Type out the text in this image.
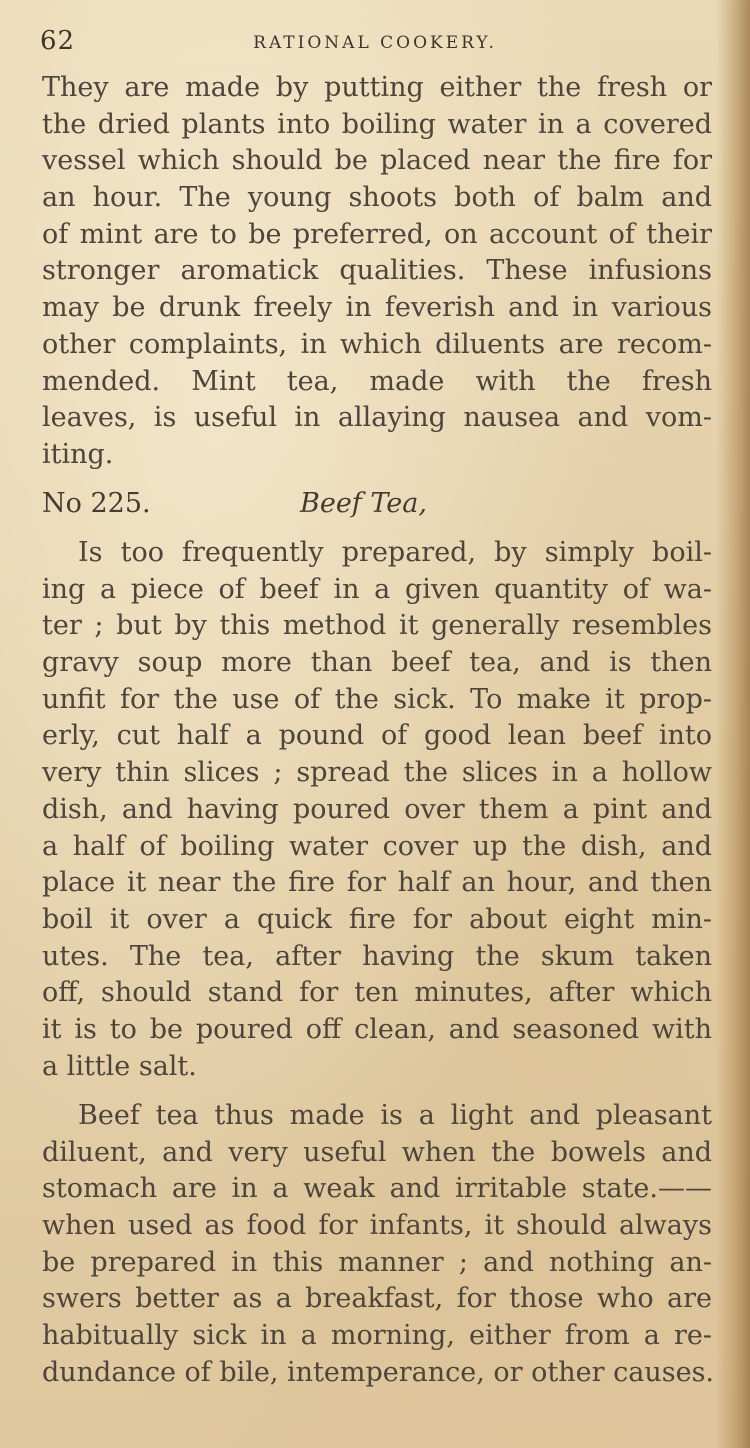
62	RATIONAL COOKERY.
They are made by putting either the fresh or
the dried plants into boiling water in a covered
vessel which should be placed near the fire for
an hour. The young shoots both of balm and
of mint are to be preferred, on account of their
stronger aromatick qualities. These infusions
may be drunk freely in feverish and in various
other complaints, in which diluents are recom-
mended. Mint tea, made with the fresh
leaves, is useful in allaying nausea and vom-
iting.
No 225.	Beef Tea,
Is too frequently prepared, by simply boil-
ing a piece of beef in a given quantity of wa-
ter ; but by this method it generally resembles
gravy soup more than beef tea, and is then
unfit for the use of the sick. To make it prop-
erly, cut half a pound of good lean beef into
very thin slices ; spread the slices in a hollow
dish, and having poured over them a pint and
a half of boiling water cover up the dish, and
place it near the fire for half an hour, and then
boil it over a quick fire for about eight min-
utes. The tea, after having the skum taken
off, should stand for ten minutes, after which
it is to be poured off clean, and seasoned with
a little salt.
Beef tea thus made is a light and pleasant
diluent, and very useful when the bowels and
stomach are in a weak and irritable state.——
when used as food for infants, it should always
be prepared in this manner ; and nothing an-
swers better as a breakfast, for those who are
habitually sick in a morning, either from a re-
dundance of bile, intemperance, or other causes.
